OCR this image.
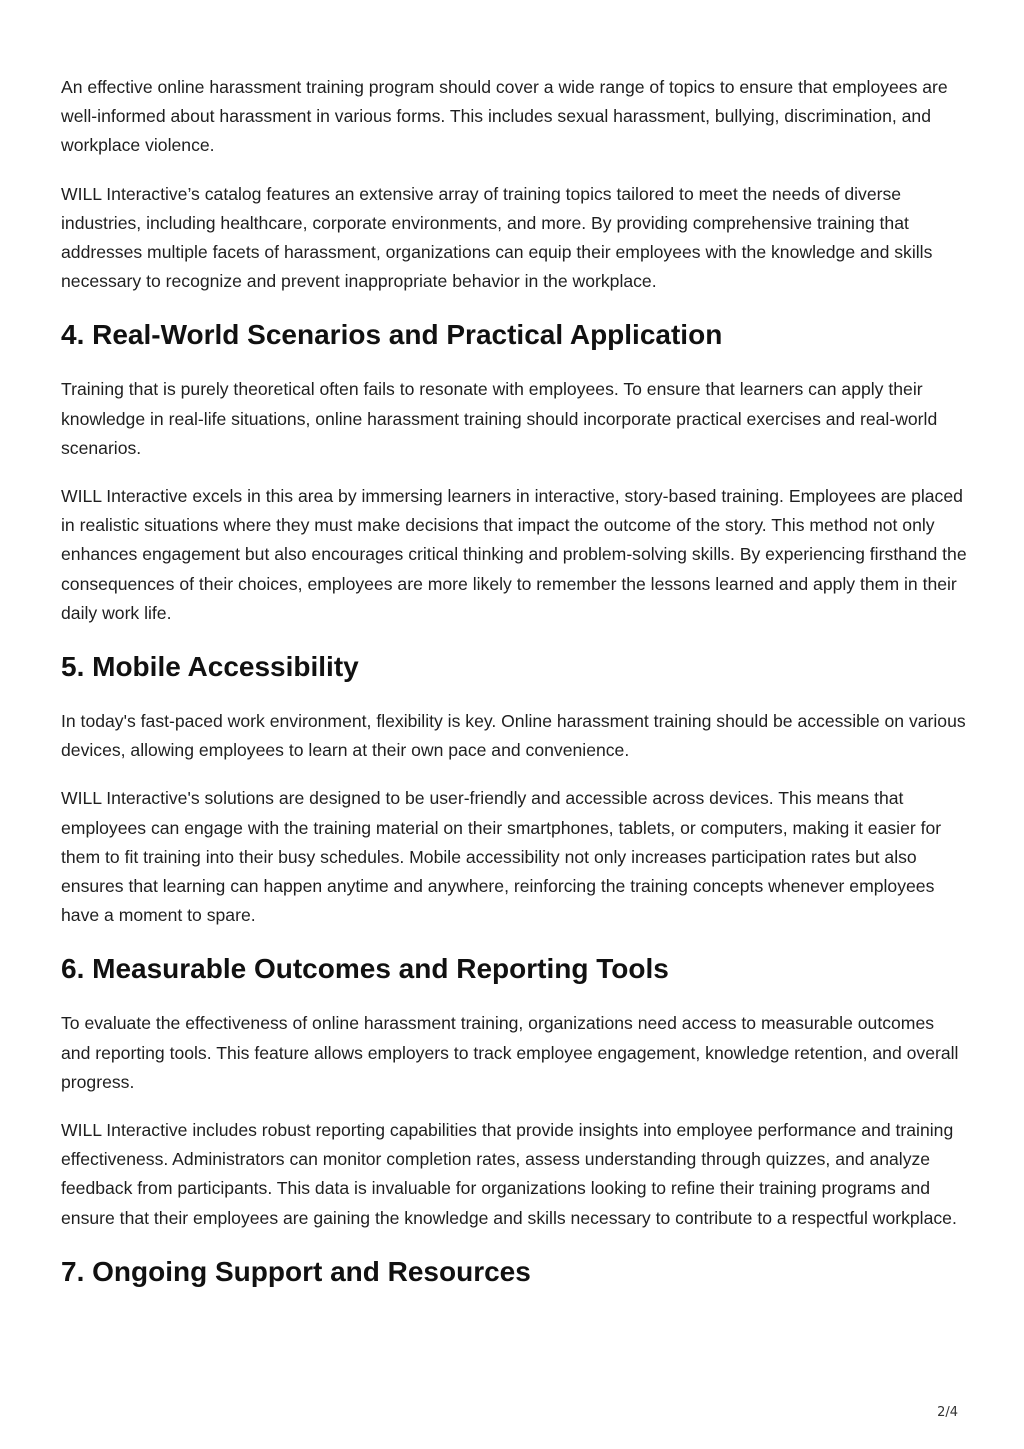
An effective online harassment training program should cover a wide range of topics to ensure that employees are well-informed about harassment in various forms. This includes sexual harassment, bullying, discrimination, and workplace violence.

WILL Interactive’s catalog features an extensive array of training topics tailored to meet the needs of diverse industries, including healthcare, corporate environments, and more. By providing comprehensive training that addresses multiple facets of harassment, organizations can equip their employees with the knowledge and skills necessary to recognize and prevent inappropriate behavior in the workplace.

4. Real-World Scenarios and Practical Application

Training that is purely theoretical often fails to resonate with employees. To ensure that learners can apply their knowledge in real-life situations, online harassment training should incorporate practical exercises and real-world scenarios.

WILL Interactive excels in this area by immersing learners in interactive, story-based training. Employees are placed in realistic situations where they must make decisions that impact the outcome of the story. This method not only enhances engagement but also encourages critical thinking and problem-solving skills. By experiencing firsthand the consequences of their choices, employees are more likely to remember the lessons learned and apply them in their daily work life.

5. Mobile Accessibility

In today's fast-paced work environment, flexibility is key. Online harassment training should be accessible on various devices, allowing employees to learn at their own pace and convenience.

WILL Interactive's solutions are designed to be user-friendly and accessible across devices. This means that employees can engage with the training material on their smartphones, tablets, or computers, making it easier for them to fit training into their busy schedules. Mobile accessibility not only increases participation rates but also ensures that learning can happen anytime and anywhere, reinforcing the training concepts whenever employees have a moment to spare.

6. Measurable Outcomes and Reporting Tools

To evaluate the effectiveness of online harassment training, organizations need access to measurable outcomes and reporting tools. This feature allows employers to track employee engagement, knowledge retention, and overall progress.

WILL Interactive includes robust reporting capabilities that provide insights into employee performance and training effectiveness. Administrators can monitor completion rates, assess understanding through quizzes, and analyze feedback from participants. This data is invaluable for organizations looking to refine their training programs and ensure that their employees are gaining the knowledge and skills necessary to contribute to a respectful workplace.

7. Ongoing Support and Resources
2/4
